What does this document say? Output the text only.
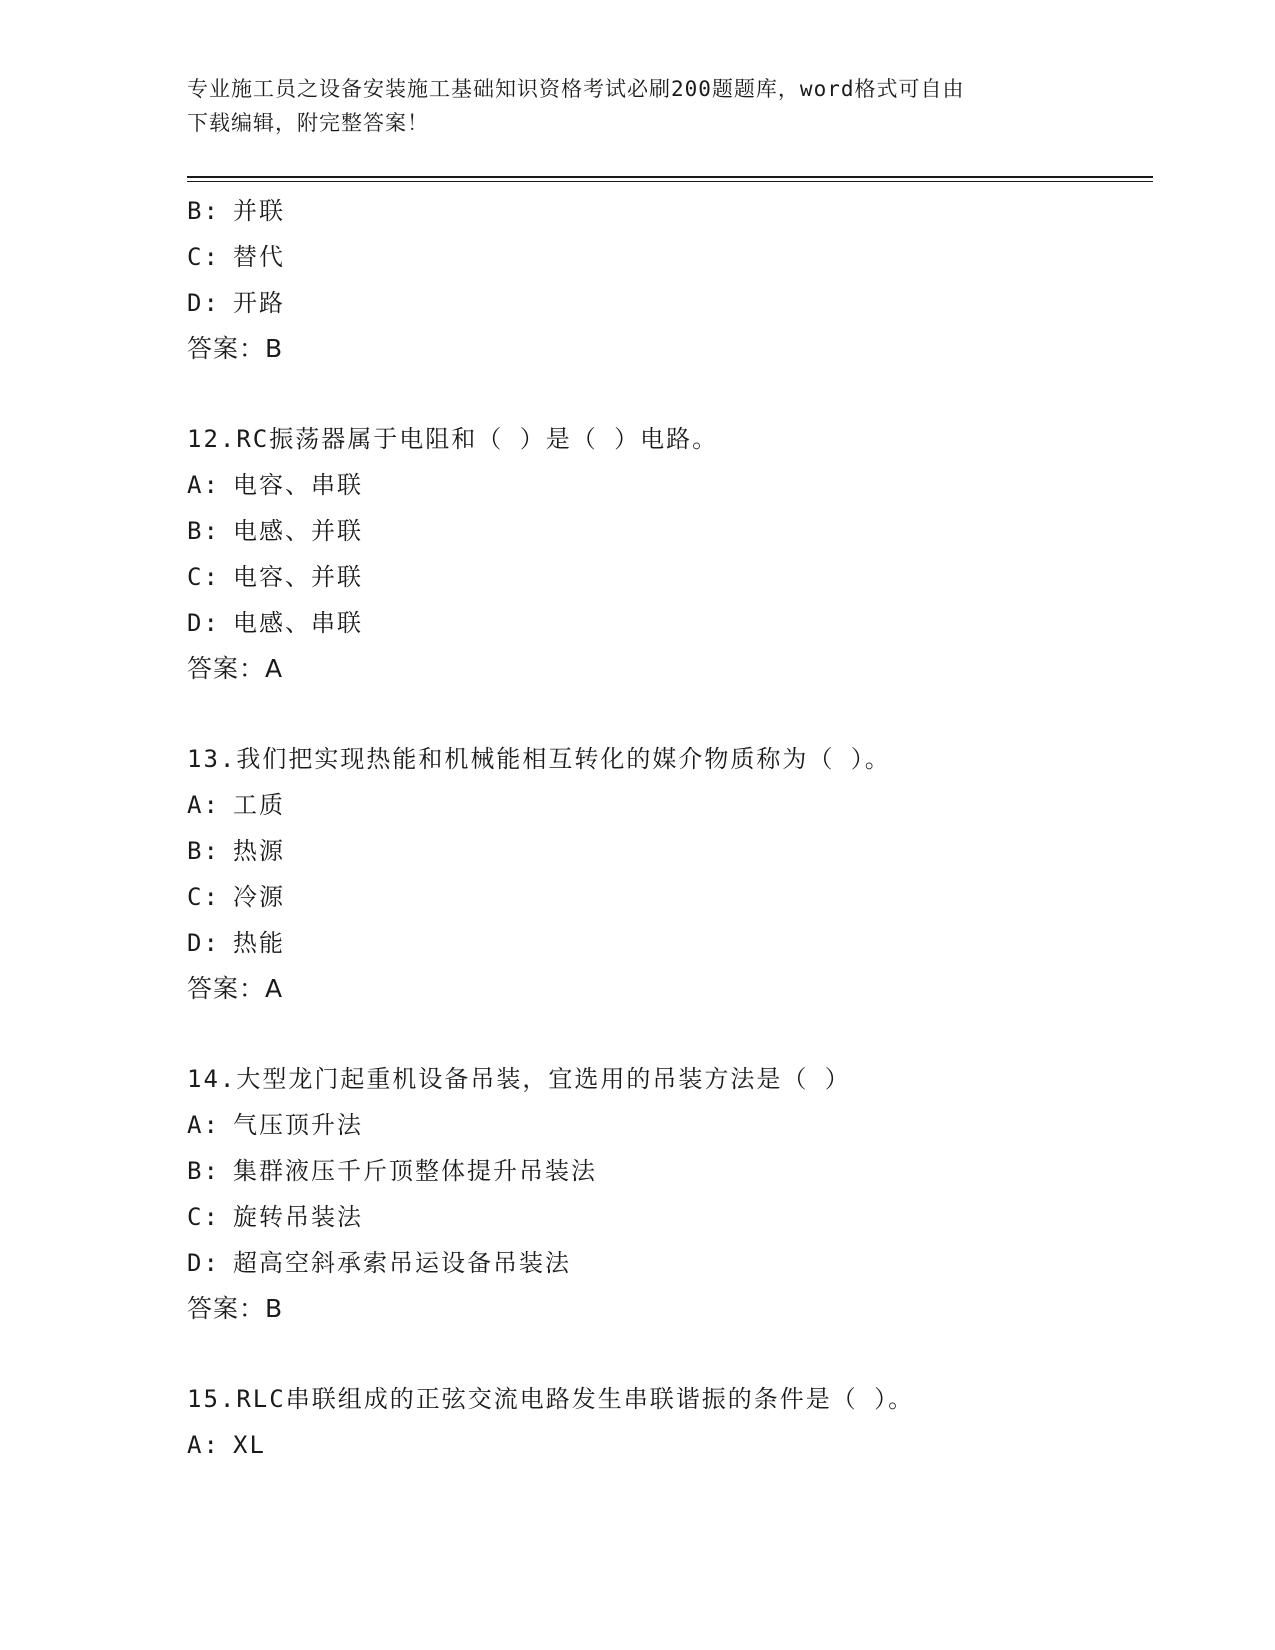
专业施工员之设备安装施工基础知识资格考试必刷200题题库，word格式可自由
下载编辑，附完整答案！
B: 并联
C: 替代
D: 开路
答案：B
12.RC振荡器属于电阻和（ ）是（ ）电路。
A: 电容、串联
B: 电感、并联
C: 电容、并联
D: 电感、串联
答案：A
13.我们把实现热能和机械能相互转化的媒介物质称为（ ）。
A: 工质
B: 热源
C: 冷源
D: 热能
答案：A
14.大型龙门起重机设备吊装，宜选用的吊装方法是（ ）
A: 气压顶升法
B: 集群液压千斤顶整体提升吊装法
C: 旋转吊装法
D: 超高空斜承索吊运设备吊装法
答案：B
15.RLC串联组成的正弦交流电路发生串联谐振的条件是（ ）。
A: XL
